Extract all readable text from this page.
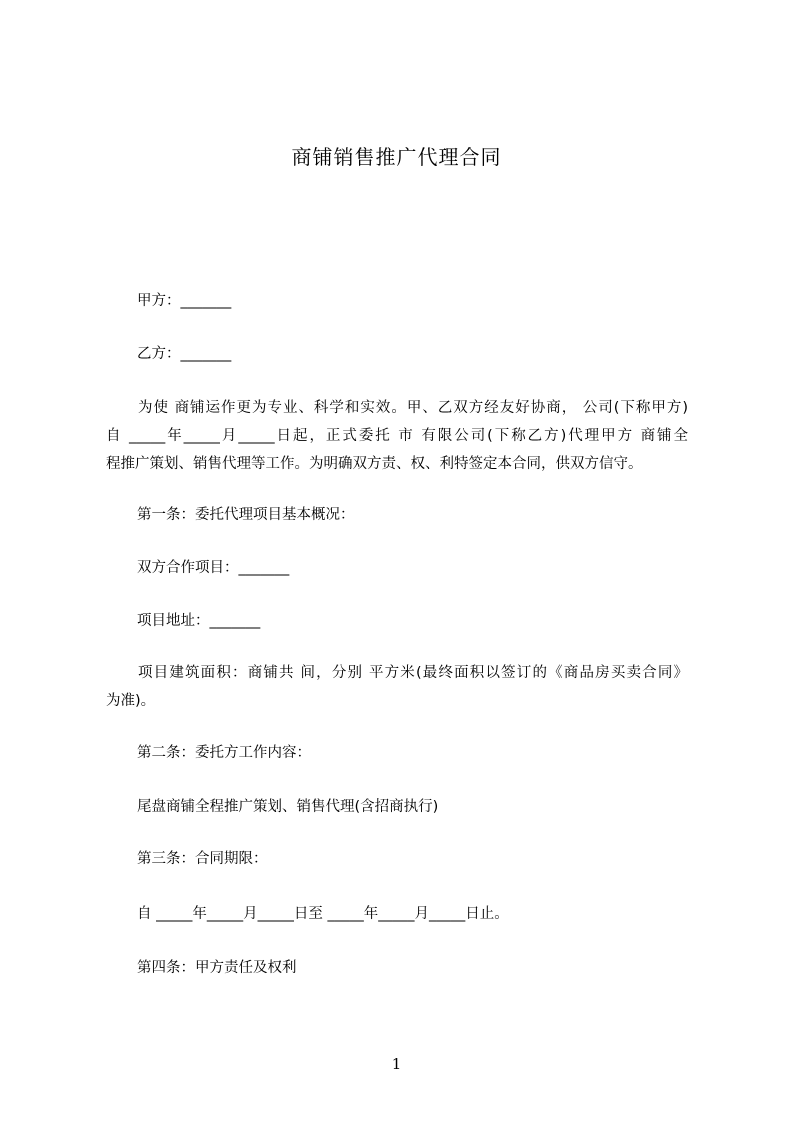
商铺销售推广代理合同
甲方：_______
乙方：_______
为使 商铺运作更为专业、科学和实效。甲、乙双方经友好协商， 公司(下称甲方)
自 _____年_____月_____日起，正式委托 市 有限公司(下称乙方)代理甲方 商铺全
程推广策划、销售代理等工作。为明确双方责、权、利特签定本合同，供双方信守。
第一条：委托代理项目基本概况：
双方合作项目：_______
项目地址：_______
项目建筑面积：商铺共 间，分别 平方米(最终面积以签订的《商品房买卖合同》
为准)。
第二条：委托方工作内容：
尾盘商铺全程推广策划、销售代理(含招商执行)
第三条：合同期限：
自 _____年_____月_____日至 _____年_____月_____日止。
第四条：甲方责任及权利
1
